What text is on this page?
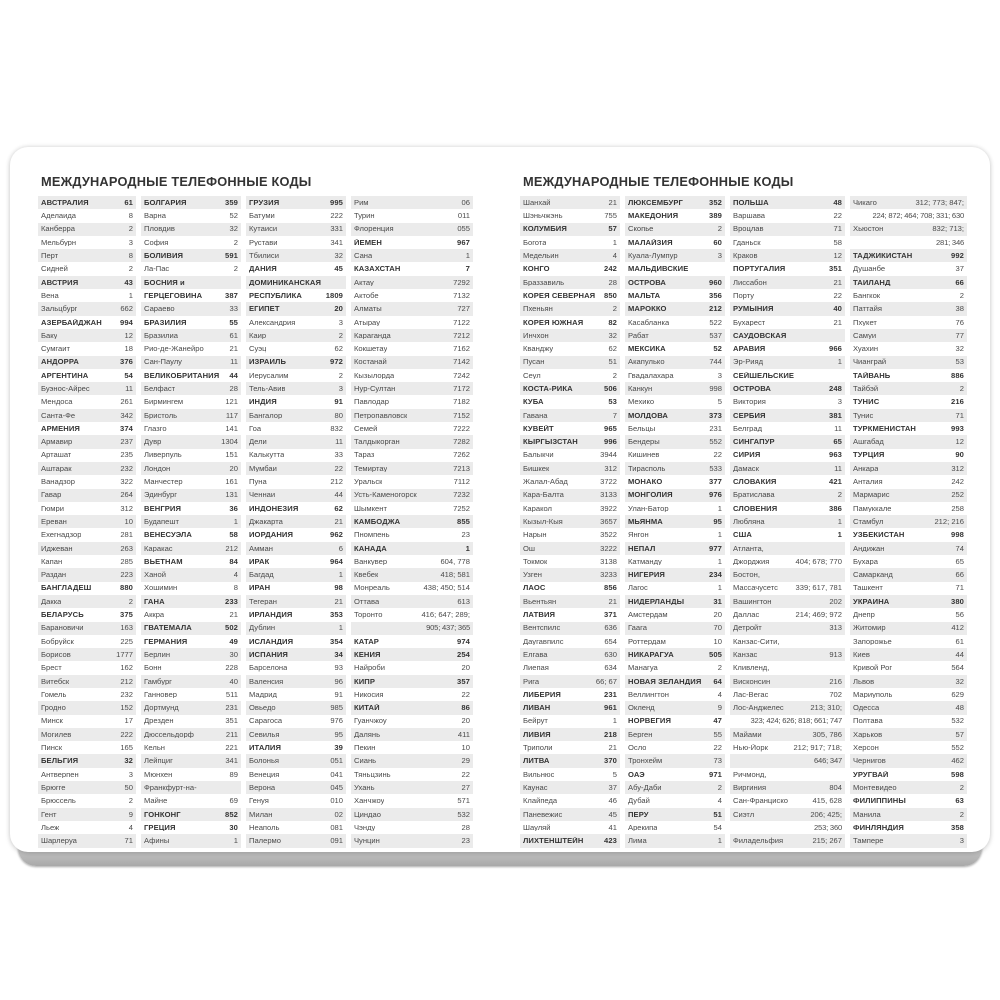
МЕЖДУНАРОДНЫЕ ТЕЛЕФОННЫЕ КОДЫ
АВСТРАЛИЯ	61
Аделаида	8
Канберра	2
Мельбурн	3
Перт	8
Сидней	2
АВСТРИЯ	43
Вена	1
Зальцбург	662
АЗЕРБАЙДЖАН 994
Баку	12
Сумгаит	18
АНДОРРА	376
АРГЕНТИНА	54
Буэнос-Айрес	11
Мендоса	261
Санта-Фе	342
АРМЕНИЯ	374
Армавир	237
Арташат	235
Аштарак	232
Ванадзор	322
Гавар	264
Гюмри	312
Ереван	10
Ехегнадзор	281
Иджеван	263
Капан	285
Раздан	223
БАНГЛАДЕШ	880
Дакка	2
БЕЛАРУСЬ	375
Барановичи	163
Бобруйск	225
Борисов	1777
Брест	162
Витебск	212
Гомель	232
Гродно	152
Минск	17
Могилев	222
Пинск	165
БЕЛЬГИЯ	32
Антверпен	3
Брюгге	50
Брюссель	2
Гент	9
Льеж	4
Шарлеруа	71
БОЛГАРИЯ	359
Варна	52
Пловдив	32
София	2
БОЛИВИЯ	591
Ла-Пас	2
БОСНИЯ и
ГЕРЦЕГОВИНА	387
Сараево	33
БРАЗИЛИЯ	55
Бразилиа	61
Рио-де-Жанейро	21
Сан-Паулу	11
ВЕЛИКОБРИТАНИЯ 44
Белфаст	28
Бирмингем	121
Бристоль	117
Глазго	141
Дувр	1304
Ливерпуль	151
Лондон	20
Манчестер	161
Эдинбург	131
ВЕНГРИЯ	36
Будапешт	1
ВЕНЕСУЭЛА	58
Каракас	212
ВЬЕТНАМ	84
Ханой	4
Хошимин	8
ГАНА	233
Аккра	21
ГВАТЕМАЛА	502
ГЕРМАНИЯ	49
Берлин	30
Бонн	228
Гамбург	40
Ганновер	511
Дортмунд	231
Дрезден	351
Дюссельдорф	211
Кельн	221
Лейпциг	341
Мюнхен	89
Франкфурт-на-
Майне	69
ГОНКОНГ	852
ГРЕЦИЯ	30
Афины	1
ГРУЗИЯ	995
Батуми	222
Кутаиси	331
Рустави	341
Тбилиси	32
ДАНИЯ	45
ДОМИНИКАНСКАЯ
РЕСПУБЛИКА	1809
ЕГИПЕТ	20
Александрия	3
Каир	2
Суэц	62
ИЗРАИЛЬ	972
Иерусалим	2
Тель-Авив	3
ИНДИЯ	91
Бангалор	80
Гоа	832
Дели	11
Калькутта	33
Мумбаи	22
Пуна	212
Ченнаи	44
ИНДОНЕЗИЯ	62
Джакарта	21
ИОРДАНИЯ	962
Амман	6
ИРАК	964
Багдад	1
ИРАН	98
Тегеран	21
ИРЛАНДИЯ	353
Дублин	1
ИСЛАНДИЯ	354
ИСПАНИЯ	34
Барселона	93
Валенсия	96
Мадрид	91
Овьедо	985
Сарагоса	976
Севилья	95
ИТАЛИЯ	39
Болонья	051
Венеция	041
Верона	045
Генуя	010
Милан	02
Неаполь	081
Палермо	091
Рим	06
Турин	011
Флоренция	055
ЙЕМЕН	967
Сана	1
КАЗАХСТАН	7
Актау	7292
Актобе	7132
Алматы	727
Атырау	7122
Караганда	7212
Кокшетау	7162
Костанай	7142
Кызылорда	7242
Нур-Султан	7172
Павлодар	7182
Петропавловск	7152
Семей	7222
Талдыкорган	7282
Тараз	7262
Темиртау	7213
Уральск	7112
Усть-Каменогорск	7232
Шымкент	7252
КАМБОДЖА	855
Пномпень	23
КАНАДА	1
Ванкувер	604, 778
Квебек	418; 581
Монреаль	438; 450; 514
Оттава	613
Торонто	416; 647; 289;
905; 437; 365
КАТАР	974
КЕНИЯ	254
Найроби	20
КИПР	357
Никосия	22
КИТАЙ	86
Гуанчжоу	20
Далянь	411
Пекин	10
Сиань	29
Тяньцзинь	22
Ухань	27
Ханчжоу	571
Циндао	532
Чэнду	28
Чунцин	23
МЕЖДУНАРОДНЫЕ ТЕЛЕФОННЫЕ КОДЫ
Шанхай	21
Шэньчжэнь	755
КОЛУМБИЯ	57
Богота	1
Медельин	4
КОНГО	242
Браззавиль	28
КОРЕЯ СЕВЕРНАЯ 850
Пхеньян	2
КОРЕЯ ЮЖНАЯ	82
Инчхон	32
Кванджу	62
Пусан	51
Сеул	2
КОСТА-РИКА	506
КУБА	53
Гавана	7
КУВЕЙТ	965
КЫРГЫЗСТАН	996
Балыкчи	3944
Бишкек	312
Жалал-Абад	3722
Кара-Балта	3133
Каракол	3922
Кызыл-Кыя	3657
Нарын	3522
Ош	3222
Токмок	3138
Узген	3233
ЛАОС	856
Вьентьян	21
ЛАТВИЯ	371
Вентспилс	636
Даугавпилс	654
Елгава	630
Лиепая	634
Рига	66; 67
ЛИБЕРИЯ	231
ЛИВАН	961
Бейрут	1
ЛИВИЯ	218
Триполи	21
ЛИТВА	370
Вильнюс	5
Каунас	37
Клайпеда	46
Паневежис	45
Шауляй	41
ЛИХТЕНШТЕЙН	423
ЛЮКСЕМБУРГ	352
МАКЕДОНИЯ	389
Скопье	2
МАЛАЙЗИЯ	60
Куала-Лумпур	3
МАЛЬДИВСКИЕ
ОСТРОВА	960
МАЛЬТА	356
МАРОККО	212
Касабланка	522
Рабат	537
МЕКСИКА	52
Акапулько	744
Гвадалахара	3
Канкун	998
Мехико	5
МОЛДОВА	373
Бельцы	231
Бендеры	552
Кишинев	22
Тирасполь	533
МОНАКО	377
МОНГОЛИЯ	976
Улан-Батор	1
МЬЯНМА	95
Янгон	1
НЕПАЛ	977
Катманду	1
НИГЕРИЯ	234
Лагос	1
НИДЕРЛАНДЫ	31
Амстердам	20
Гаага	70
Роттердам	10
НИКАРАГУА	505
Манагуа	2
НОВАЯ ЗЕЛАНДИЯ 64
Веллингтон	4
Окленд	9
НОРВЕГИЯ	47
Берген	55
Осло	22
Тронхейм	73
ОАЭ	971
Абу-Даби	2
Дубай	4
ПЕРУ	51
Арекипа	54
Лима	1
ПОЛЬША	48
Варшава	22
Вроцлав	71
Гданьск	58
Краков	12
ПОРТУГАЛИЯ	351
Лиссабон	21
Порту	22
РУМЫНИЯ	40
Бухарест	21
САУДОВСКАЯ
АРАВИЯ	966
Эр-Рияд	1
СЕЙШЕЛЬСКИЕ
ОСТРОВА	248
Виктория	3
СЕРБИЯ	381
Белград	11
СИНГАПУР	65
СИРИЯ	963
Дамаск	11
СЛОВАКИЯ	421
Братислава	2
СЛОВЕНИЯ	386
Любляна	1
США	1
Атланта,
Джорджия	404; 678; 770
Бостон,
Массачусетс 339; 617, 781
Вашингтон	202
Даллас	214; 469; 972
Детройт	313
Канзас-Сити,
Канзас	913
Кливленд,
Висконсин	216
Лас-Вегас	702
Лос-Анджелес	213; 310;
323; 424; 626; 818; 661; 747
Майами	305, 786
Нью-Йорк	212; 917; 718;
646; 347
Ричмонд,
Виргиния	804
Сан-Франциско	415, 628
Сиэтл	206; 425;
253; 360
Филадельфия	215; 267
Чикаго	312; 773; 847;
224; 872; 464; 708; 331; 630
Хьюстон	832; 713;
281; 346
ТАДЖИКИСТАН	992
Душанбе	37
ТАИЛАНД	66
Бангкок	2
Паттайя	38
Пхукет	76
Самуи	77
Хуахин	32
Чианграй	53
ТАЙВАНЬ	886
Тайбэй	2
ТУНИС	216
Тунис	71
ТУРКМЕНИСТАН	993
Ашгабад	12
ТУРЦИЯ	90
Анкара	312
Анталия	242
Мармарис	252
Памуккале	258
Стамбул	212; 216
УЗБЕКИСТАН	998
Андижан	74
Бухара	65
Самарканд	66
Ташкент	71
УКРАИНА	380
Днепр	56
Житомир	412
Запорожье	61
Киев	44
Кривой Рог	564
Львов	32
Мариуполь	629
Одесса	48
Полтава	532
Харьков	57
Херсон	552
Чернигов	462
УРУГВАЙ	598
Монтевидео	2
ФИЛИППИНЫ	63
Манила	2
ФИНЛЯНДИЯ	358
Тампере	3
